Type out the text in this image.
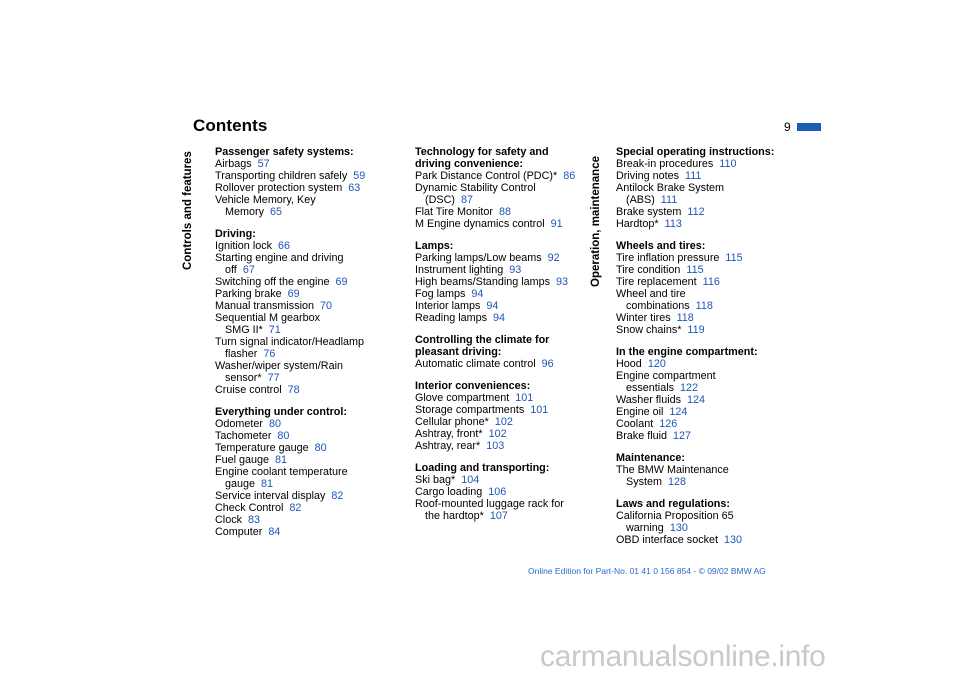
Contents	9
Controls and features	Operation, maintenance
Passenger safety systems:
Airbags 57
Transporting children safely 59
Rollover protection system 63
Vehicle Memory, Key
Memory 65
Driving:
Ignition lock 66
Starting engine and driving
off 67
Switching off the engine 69
Parking brake 69
Manual transmission 70
Sequential M gearbox
SMG II* 71
Turn signal indicator/Headlamp
flasher 76
Washer/wiper system/Rain
sensor* 77
Cruise control 78
Everything under control:
Odometer 80
Tachometer 80
Temperature gauge 80
Fuel gauge 81
Engine coolant temperature
gauge 81
Service interval display 82
Check Control 82
Clock 83
Computer 84
Technology for safety and
driving convenience:
Park Distance Control (PDC)* 86
Dynamic Stability Control
(DSC) 87
Flat Tire Monitor 88
M Engine dynamics control 91
Lamps:
Parking lamps/Low beams 92
Instrument lighting 93
High beams/Standing lamps 93
Fog lamps 94
Interior lamps 94
Reading lamps 94
Controlling the climate for
pleasant driving:
Automatic climate control 96
Interior conveniences:
Glove compartment 101
Storage compartments 101
Cellular phone* 102
Ashtray, front* 102
Ashtray, rear* 103
Loading and transporting:
Ski bag* 104
Cargo loading 106
Roof-mounted luggage rack for
the hardtop* 107
Special operating instructions:
Break-in procedures 110
Driving notes 111
Antilock Brake System
(ABS) 111
Brake system 112
Hardtop* 113
Wheels and tires:
Tire inflation pressure 115
Tire condition 115
Tire replacement 116
Wheel and tire
combinations 118
Winter tires 118
Snow chains* 119
In the engine compartment:
Hood 120
Engine compartment
essentials 122
Washer fluids 124
Engine oil 124
Coolant 126
Brake fluid 127
Maintenance:
The BMW Maintenance
System 128
Laws and regulations:
California Proposition 65
warning 130
OBD interface socket 130
Online Edition for Part-No. 01 41 0 156 854 - © 09/02 BMW AG
carmanualsonline.info
